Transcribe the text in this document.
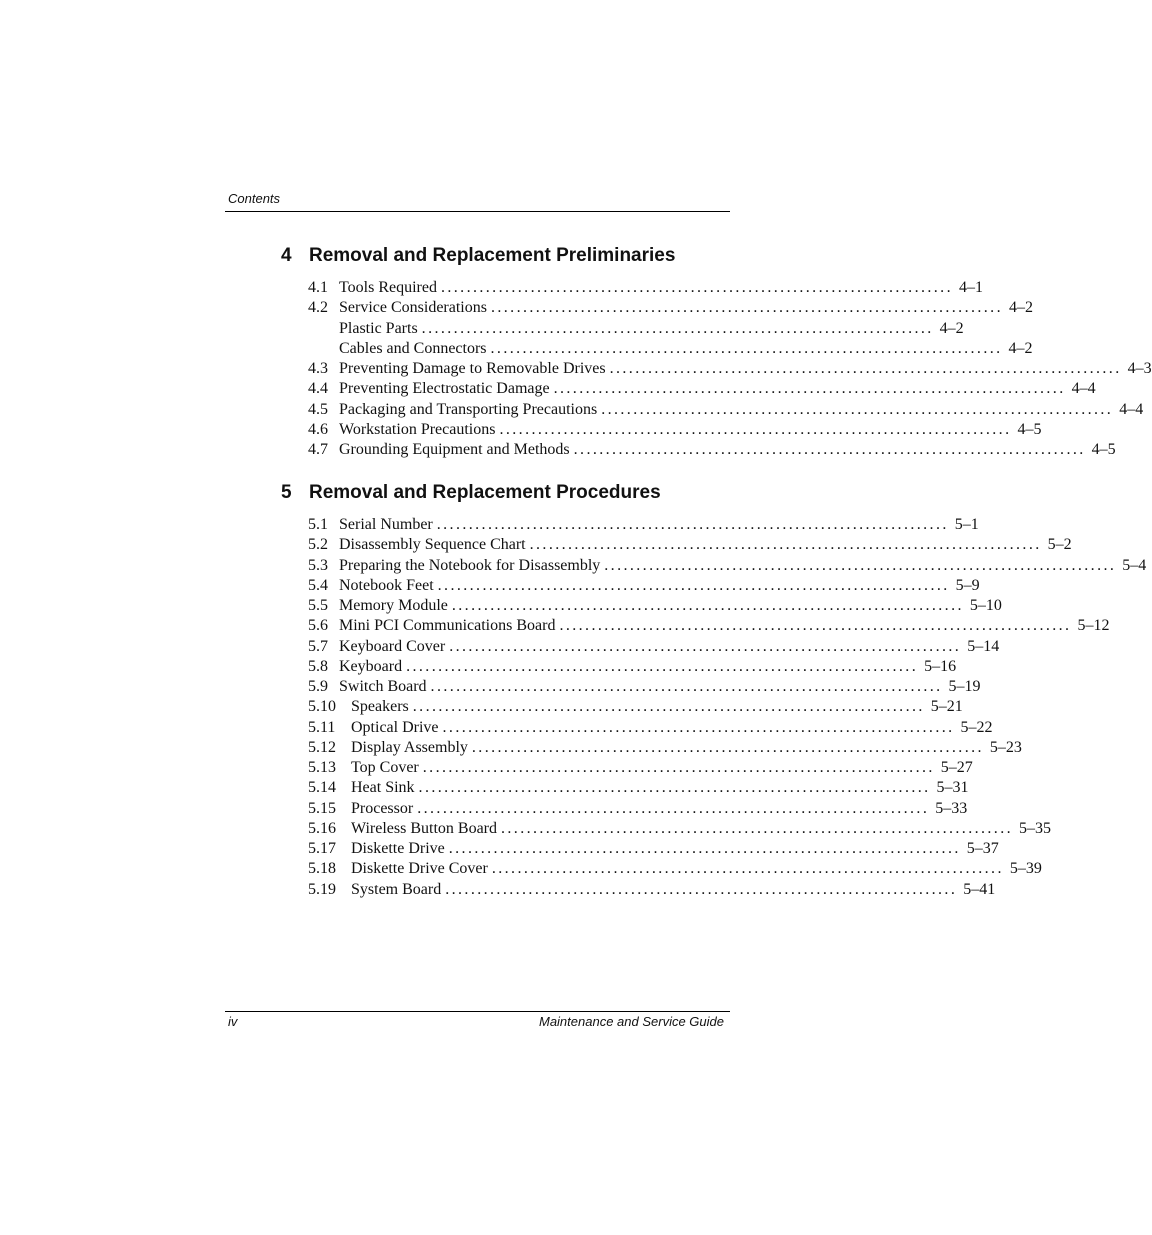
Contents
4 Removal and Replacement Preliminaries
4.1 Tools Required ................................................................................ 4–1
4.2 Service Considerations ................................................................................ 4–2
Plastic Parts ................................................................................ 4–2
Cables and Connectors ................................................................................ 4–2
4.3 Preventing Damage to Removable Drives ................................................................................ 4–3
4.4 Preventing Electrostatic Damage ................................................................................ 4–4
4.5 Packaging and Transporting Precautions ................................................................................ 4–4
4.6 Workstation Precautions ................................................................................ 4–5
4.7 Grounding Equipment and Methods ................................................................................ 4–5
5 Removal and Replacement Procedures
5.1 Serial Number ................................................................................ 5–1
5.2 Disassembly Sequence Chart ................................................................................ 5–2
5.3 Preparing the Notebook for Disassembly ................................................................................ 5–4
5.4 Notebook Feet ................................................................................ 5–9
5.5 Memory Module ................................................................................ 5–10
5.6 Mini PCI Communications Board ................................................................................ 5–12
5.7 Keyboard Cover ................................................................................ 5–14
5.8 Keyboard ................................................................................ 5–16
5.9 Switch Board ................................................................................ 5–19
5.10 Speakers ................................................................................ 5–21
5.11 Optical Drive ................................................................................ 5–22
5.12 Display Assembly ................................................................................ 5–23
5.13 Top Cover ................................................................................ 5–27
5.14 Heat Sink ................................................................................ 5–31
5.15 Processor ................................................................................ 5–33
5.16 Wireless Button Board ................................................................................ 5–35
5.17 Diskette Drive ................................................................................ 5–37
5.18 Diskette Drive Cover ................................................................................ 5–39
5.19 System Board ................................................................................ 5–41
iv	Maintenance and Service Guide
